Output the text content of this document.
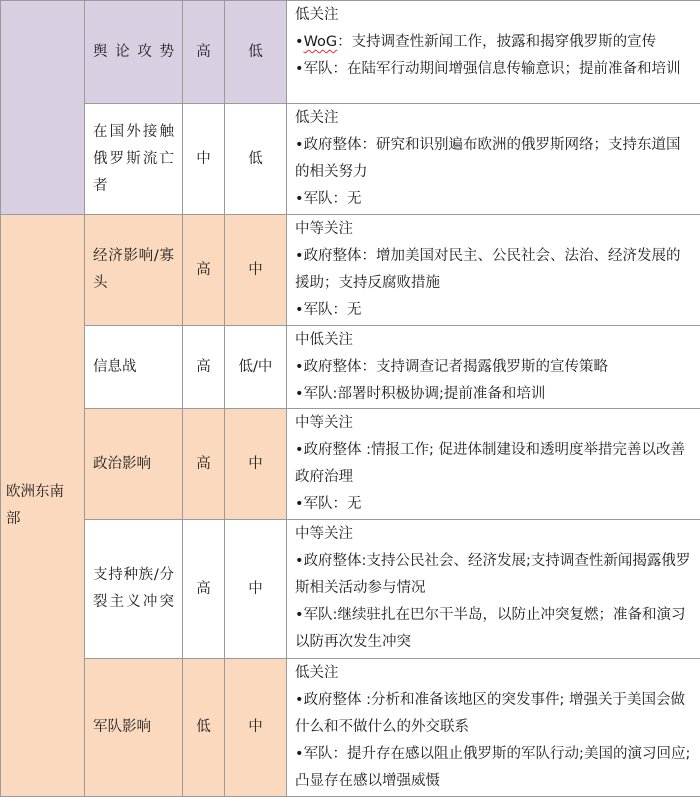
	舆论攻势	高	低	低关注
•WoG：支持调查性新闻工作，披露和揭穿俄罗斯的宣传
•军队：在陆军行动期间增强信息传输意识；提前准备和培训

	在国外接触俄罗斯流亡者	中	低	低关注
•政府整体：研究和识别遍布欧洲的俄罗斯网络；支持东道国的相关努力
•军队：无

欧洲东南部	经济影响/寡头	高	中	中等关注
•政府整体：增加美国对民主、公民社会、法治、经济发展的援助；支持反腐败措施
•军队：无

	信息战	高	低/中	中低关注
•政府整体：支持调查记者揭露俄罗斯的宣传策略
•军队:部署时积极协调;提前准备和培训

	政治影响	高	中	中等关注
•政府整体 :情报工作; 促进体制建设和透明度举措完善以改善政府治理
•军队：无

	支持种族/分裂主义冲突	高	中	中等关注
•政府整体:支持公民社会、经济发展;支持调查性新闻揭露俄罗斯相关活动参与情况
•军队:继续驻扎在巴尔干半岛，以防止冲突复燃；准备和演习以防再次发生冲突

	军队影响	低	中	低关注
•政府整体 :分析和准备该地区的突发事件; 增强关于美国会做什么和不做什么的外交联系
•军队：提升存在感以阻止俄罗斯的军队行动;美国的演习回应;凸显存在感以增强威慑
